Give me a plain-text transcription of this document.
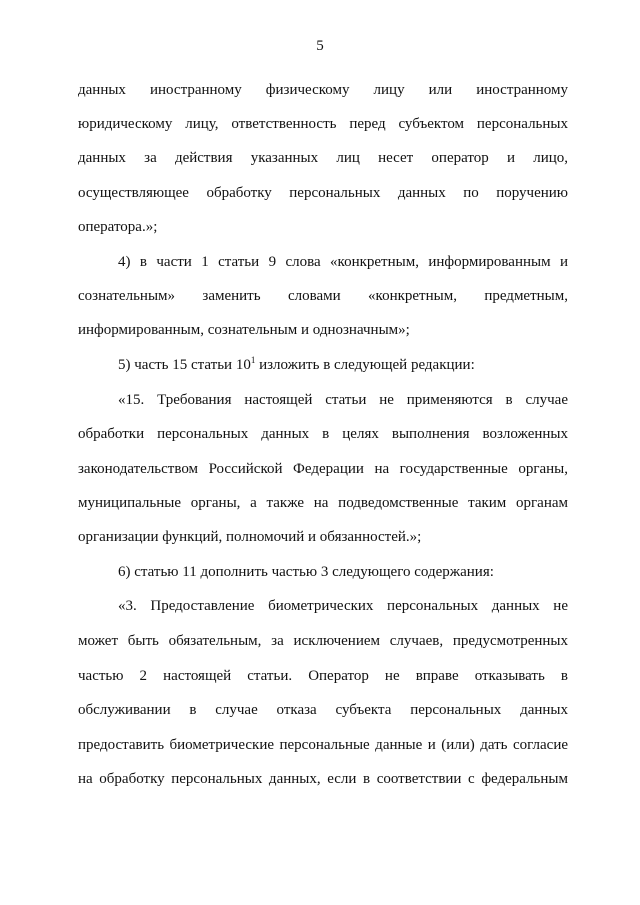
5
данных иностранному физическому лицу или иностранному
юридическому лицу, ответственность перед субъектом персональных
данных за действия указанных лиц несет оператор и лицо,
осуществляющее обработку персональных данных по поручению
оператора.»;
4) в части 1 статьи 9 слова «конкретным, информированным и
сознательным» заменить словами «конкретным, предметным,
информированным, сознательным и однозначным»;
5) часть 15 статьи $10^1$ изложить в следующей редакции:
«15. Требования настоящей статьи не применяются в случае
обработки персональных данных в целях выполнения возложенных
законодательством Российской Федерации на государственные органы,
муниципальные органы, а также на подведомственные таким органам
организации функций, полномочий и обязанностей.»;
6) статью 11 дополнить частью 3 следующего содержания:
«3. Предоставление биометрических персональных данных не
может быть обязательным, за исключением случаев, предусмотренных
частью 2 настоящей статьи. Оператор не вправе отказывать в
обслуживании в случае отказа субъекта персональных данных
предоставить биометрические персональные данные и (или) дать согласие
на обработку персональных данных, если в соответствии с федеральным
